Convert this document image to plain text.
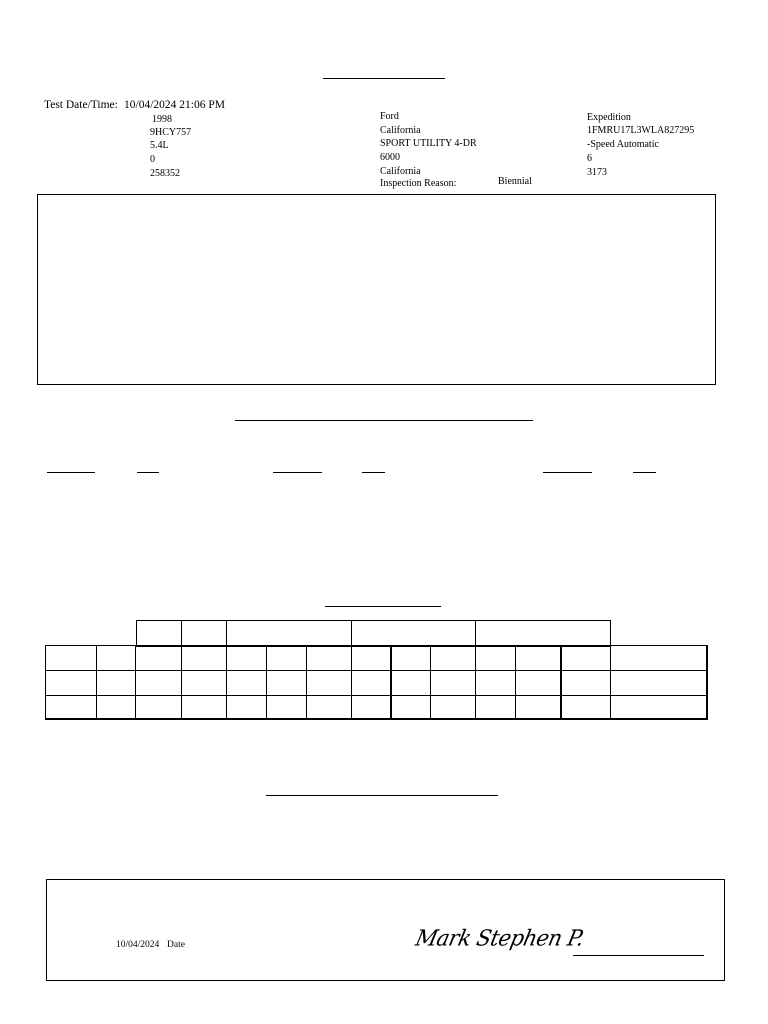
Test Date/Time: 10/04/2024 21:06 PM
1998
9HCY757
5.4L
0
258352
Ford
California
SPORT UTILITY 4-DR
6000
California
Inspection Reason:	Biennial
Expedition
1FMRU17L3WLA827295
-Speed Automatic
6
3173
10/04/2024 Date	Mark Stephen P.
